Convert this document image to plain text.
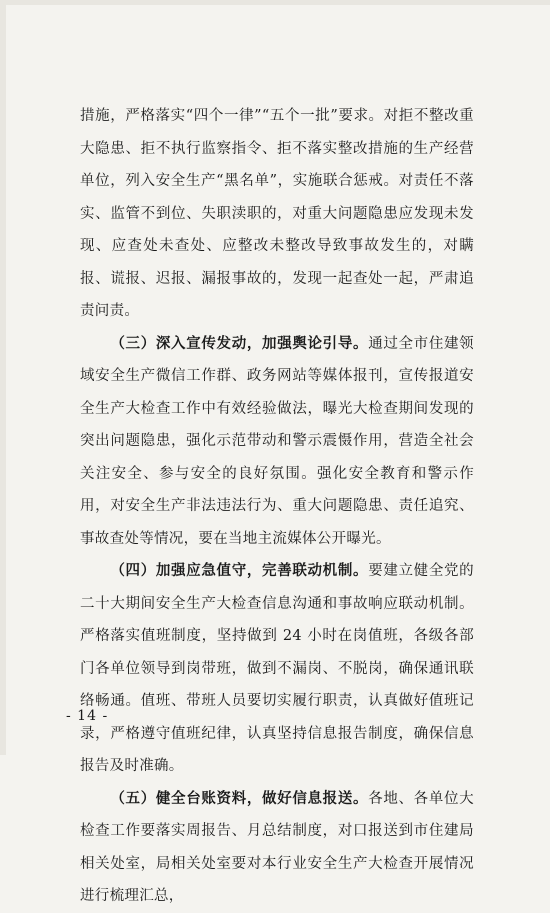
措施，严格落实“四个一律”“五个一批”要求。对拒不整改重大隐患、拒不执行监察指令、拒不落实整改措施的生产经营单位，列入安全生产“黑名单”，实施联合惩戒。对责任不落实、监管不到位、失职渎职的，对重大问题隐患应发现未发现、应查处未查处、应整改未整改导致事故发生的，对瞒报、谎报、迟报、漏报事故的，发现一起查处一起，严肃追责问责。

（三）深入宣传发动，加强舆论引导。通过全市住建领域安全生产微信工作群、政务网站等媒体报刊，宣传报道安全生产大检查工作中有效经验做法，曝光大检查期间发现的突出问题隐患，强化示范带动和警示震慑作用，营造全社会关注安全、参与安全的良好氛围。强化安全教育和警示作用，对安全生产非法违法行为、重大问题隐患、责任追究、事故查处等情况，要在当地主流媒体公开曝光。

（四）加强应急值守，完善联动机制。要建立健全党的二十大期间安全生产大检查信息沟通和事故响应联动机制。严格落实值班制度，坚持做到 24 小时在岗值班，各级各部门各单位领导到岗带班，做到不漏岗、不脱岗，确保通讯联络畅通。值班、带班人员要切实履行职责，认真做好值班记录，严格遵守值班纪律，认真坚持信息报告制度，确保信息报告及时准确。

（五）健全台账资料，做好信息报送。各地、各单位大检查工作要落实周报告、月总结制度，对口报送到市住建局相关处室，局相关处室要对本行业安全生产大检查开展情况进行梳理汇总，

- 14 -
